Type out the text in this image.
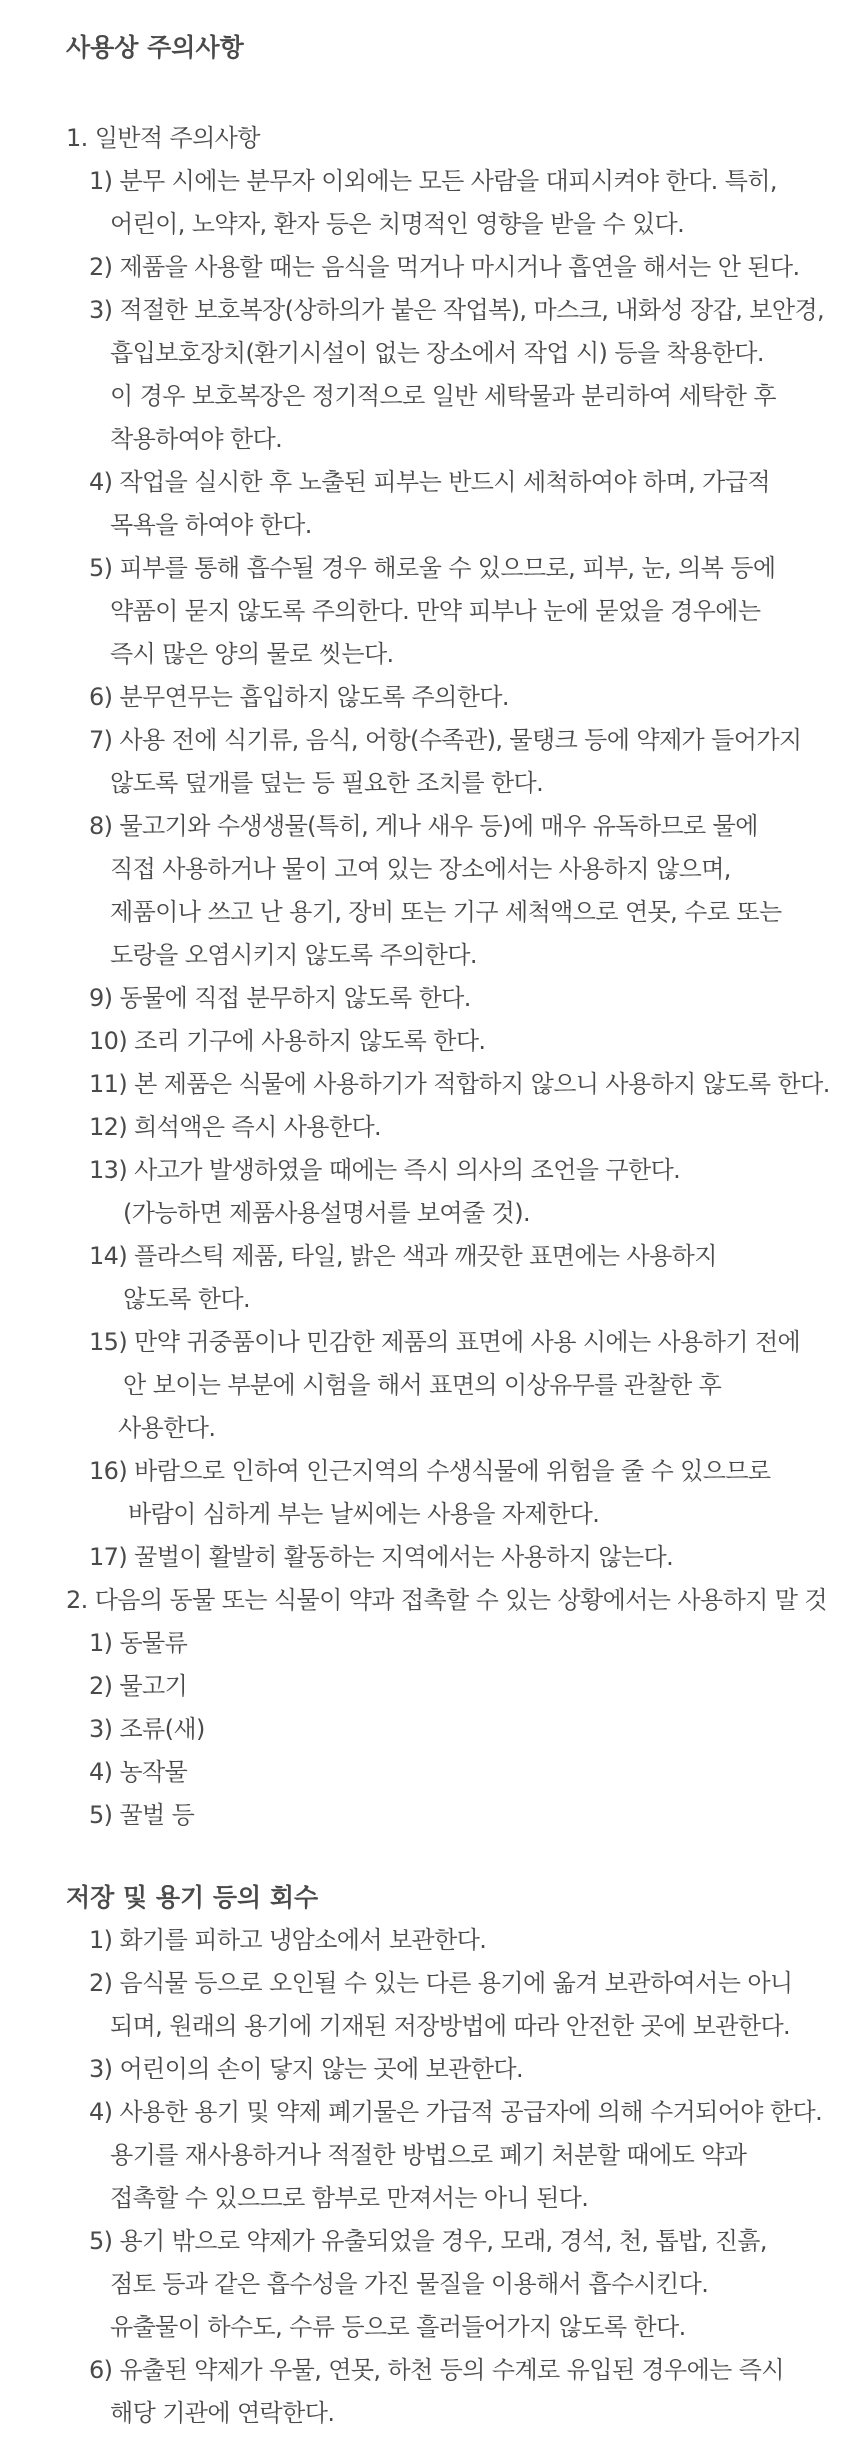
사용상 주의사항
1. 일반적 주의사항
1) 분무 시에는 분무자 이외에는 모든 사람을 대피시켜야 한다. 특히,
어린이, 노약자, 환자 등은 치명적인 영향을 받을 수 있다.
2) 제품을 사용할 때는 음식을 먹거나 마시거나 흡연을 해서는 안 된다.
3) 적절한 보호복장(상하의가 붙은 작업복), 마스크, 내화성 장갑, 보안경,
흡입보호장치(환기시설이 없는 장소에서 작업 시) 등을 착용한다.
이 경우 보호복장은 정기적으로 일반 세탁물과 분리하여 세탁한 후
착용하여야 한다.
4) 작업을 실시한 후 노출된 피부는 반드시 세척하여야 하며, 가급적
목욕을 하여야 한다.
5) 피부를 통해 흡수될 경우 해로울 수 있으므로, 피부, 눈, 의복 등에
약품이 묻지 않도록 주의한다. 만약 피부나 눈에 묻었을 경우에는
즉시 많은 양의 물로 씻는다.
6) 분무연무는 흡입하지 않도록 주의한다.
7) 사용 전에 식기류, 음식, 어항(수족관), 물탱크 등에 약제가 들어가지
않도록 덮개를 덮는 등 필요한 조치를 한다.
8) 물고기와 수생생물(특히, 게나 새우 등)에 매우 유독하므로 물에
직접 사용하거나 물이 고여 있는 장소에서는 사용하지 않으며,
제품이나 쓰고 난 용기, 장비 또는 기구 세척액으로 연못, 수로 또는
도랑을 오염시키지 않도록 주의한다.
9) 동물에 직접 분무하지 않도록 한다.
10) 조리 기구에 사용하지 않도록 한다.
11) 본 제품은 식물에 사용하기가 적합하지 않으니 사용하지 않도록 한다.
12) 희석액은 즉시 사용한다.
13) 사고가 발생하였을 때에는 즉시 의사의 조언을 구한다.
(가능하면 제품사용설명서를 보여줄 것).
14) 플라스틱 제품, 타일, 밝은 색과 깨끗한 표면에는 사용하지
않도록 한다.
15) 만약 귀중품이나 민감한 제품의 표면에 사용 시에는 사용하기 전에
안 보이는 부분에 시험을 해서 표면의 이상유무를 관찰한 후
사용한다.
16) 바람으로 인하여 인근지역의 수생식물에 위험을 줄 수 있으므로
바람이 심하게 부는 날씨에는 사용을 자제한다.
17) 꿀벌이 활발히 활동하는 지역에서는 사용하지 않는다.
2. 다음의 동물 또는 식물이 약과 접촉할 수 있는 상황에서는 사용하지 말 것
1) 동물류
2) 물고기
3) 조류(새)
4) 농작물
5) 꿀벌 등
저장 및 용기 등의 회수
1) 화기를 피하고 냉암소에서 보관한다.
2) 음식물 등으로 오인될 수 있는 다른 용기에 옮겨 보관하여서는 아니
되며, 원래의 용기에 기재된 저장방법에 따라 안전한 곳에 보관한다.
3) 어린이의 손이 닿지 않는 곳에 보관한다.
4) 사용한 용기 및 약제 폐기물은 가급적 공급자에 의해 수거되어야 한다.
용기를 재사용하거나 적절한 방법으로 폐기 처분할 때에도 약과
접촉할 수 있으므로 함부로 만져서는 아니 된다.
5) 용기 밖으로 약제가 유출되었을 경우, 모래, 경석, 천, 톱밥, 진흙,
점토 등과 같은 흡수성을 가진 물질을 이용해서 흡수시킨다.
유출물이 하수도, 수류 등으로 흘러들어가지 않도록 한다.
6) 유출된 약제가 우물, 연못, 하천 등의 수계로 유입된 경우에는 즉시
해당 기관에 연락한다.
